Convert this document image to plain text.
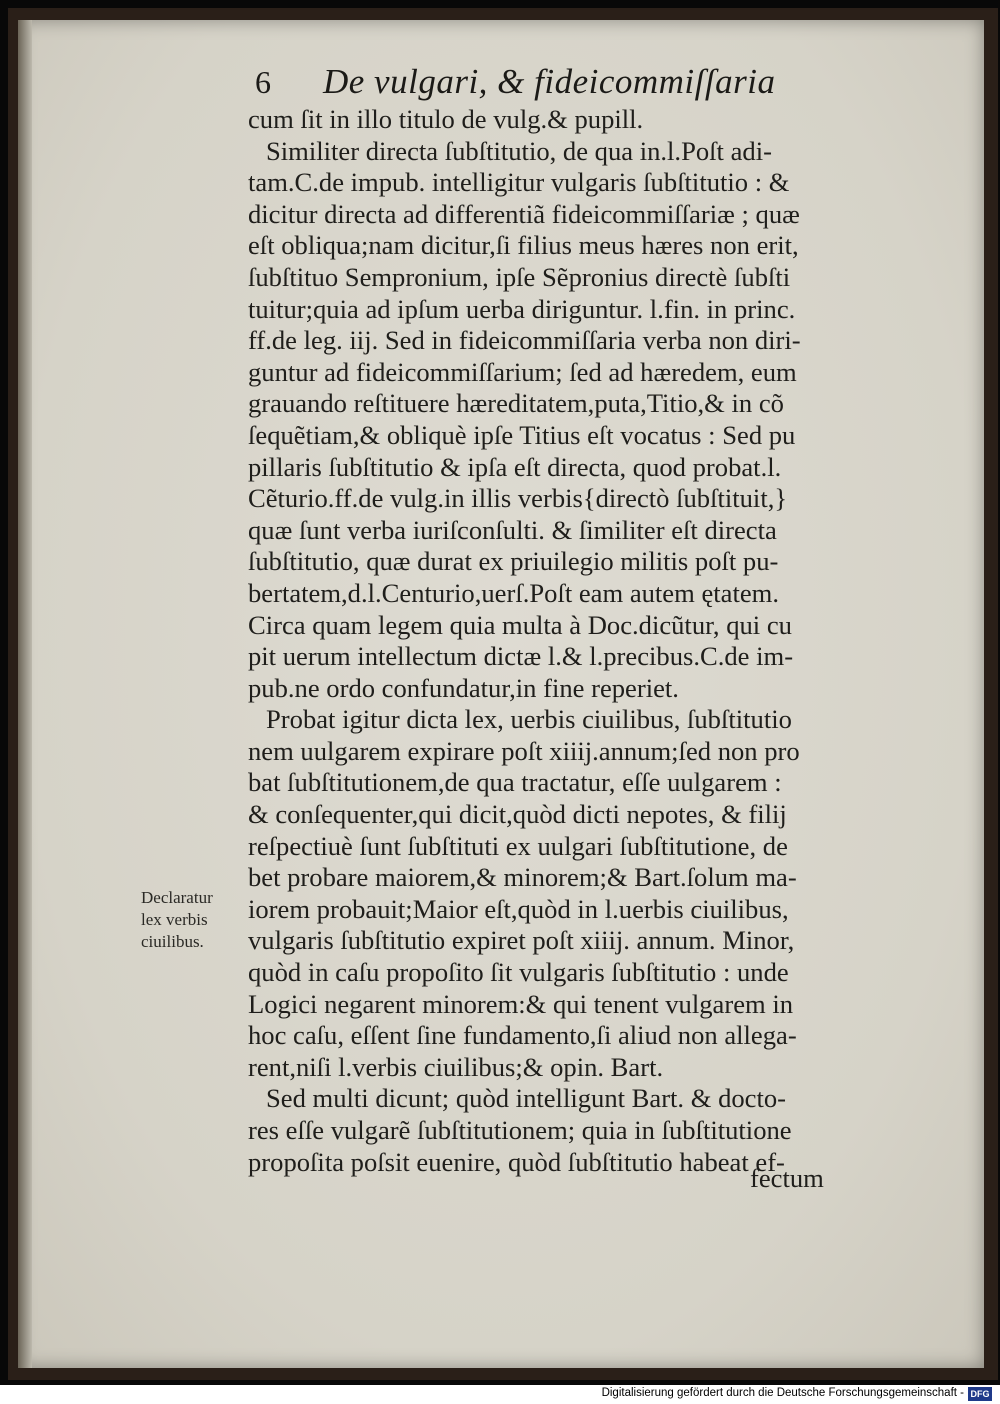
6 De vulgari, & fideicommiſſaria
cum ſit in illo titulo de vulg.& pupill.
Similiter directa ſubſtitutio, de qua in.l.Poſt adi-
tam.C.de impub. intelligitur vulgaris ſubſtitutio : &
dicitur directa ad differentiã fideicommiſſariæ ; quæ
eſt obliqua;nam dicitur,ſi filius meus hæres non erit,
ſubſtituo Sempronium, ipſe Sẽpronius directè ſubſti
tuitur;quia ad ipſum uerba diriguntur. l.fin. in princ.
ff.de leg. iij. Sed in fideicommiſſaria verba non diri-
guntur ad fideicommiſſarium; ſed ad hæredem, eum
grauando reſtituere hæreditatem,puta,Titio,& in cõ
ſequẽtiam,& obliquè ipſe Titius eſt vocatus : Sed pu
pillaris ſubſtitutio & ipſa eſt directa, quod probat.l.
Cẽturio.ff.de vulg.in illis verbis{directò ſubſtituit,}
quæ ſunt verba iuriſconſulti. & ſimiliter eſt directa
ſubſtitutio, quæ durat ex priuilegio militis poſt pu-
bertatem,d.l.Centurio,uerſ.Poſt eam autem ętatem.
Circa quam legem quia multa à Doc.dicũtur, qui cu
pit uerum intellectum dictæ l.& l.precibus.C.de im-
pub.ne ordo confundatur,in fine reperiet.
Probat igitur dicta lex, uerbis ciuilibus, ſubſtitutio
nem uulgarem expirare poſt xiiij.annum;ſed non pro
bat ſubſtitutionem,de qua tractatur, eſſe uulgarem :
& conſequenter,qui dicit,quòd dicti nepotes, & filij
reſpectiuè ſunt ſubſtituti ex uulgari ſubſtitutione, de
bet probare maiorem,& minorem;& Bart.ſolum ma-
iorem probauit;Maior eſt,quòd in l.uerbis ciuilibus,
vulgaris ſubſtitutio expiret poſt xiiij. annum. Minor,
quòd in caſu propoſito ſit vulgaris ſubſtitutio : unde
Logici negarent minorem:& qui tenent vulgarem in
hoc caſu, eſſent ſine fundamento,ſi aliud non allega-
rent,niſi l.verbis ciuilibus;& opin. Bart.
Sed multi dicunt; quòd intelligunt Bart. & docto-
res eſſe vulgarẽ ſubſtitutionem; quia in ſubſtitutione
propoſita poſsit euenire, quòd ſubſtitutio habeat ef-
Declaratur
lex verbis
ciuilibus.
fectum
Digitalisierung gefördert durch die Deutsche Forschungsgemeinschaft - DFG
